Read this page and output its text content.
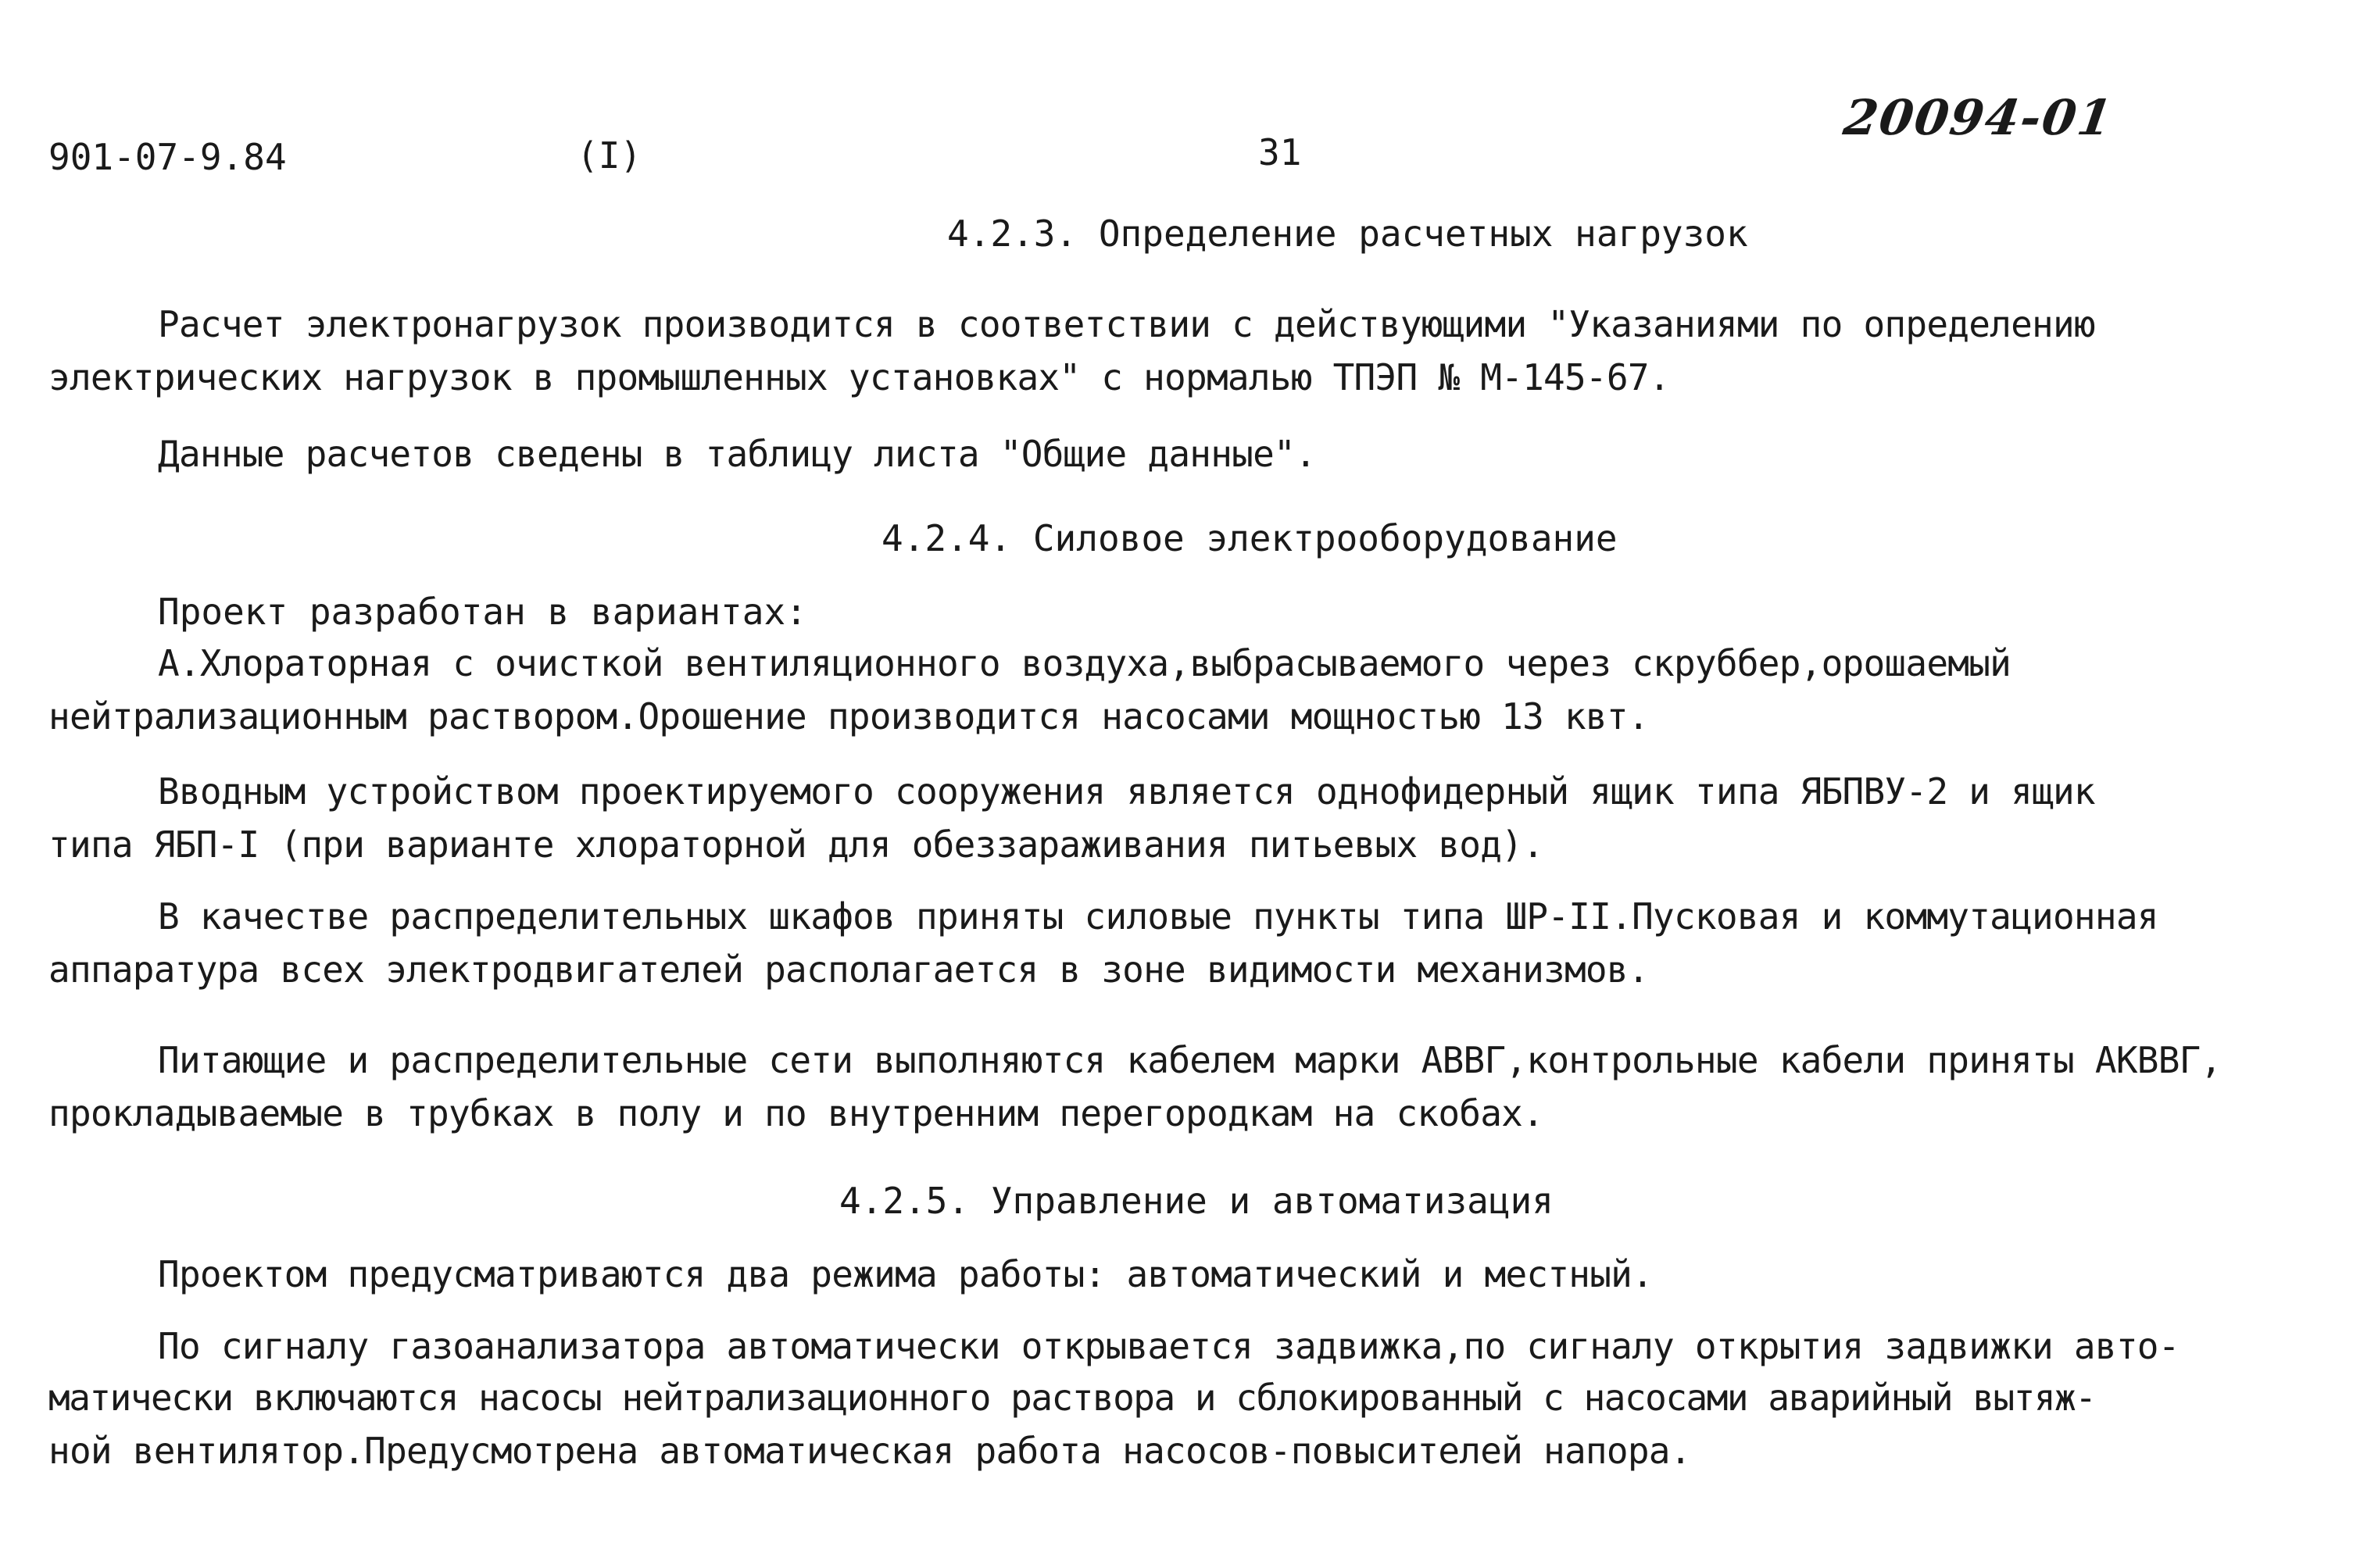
901-07-9.84	(I)	31
20094-01
4.2.3. Определение расчетных нагрузок
Расчет электронагрузок производится в соответствии с действующими "Указаниями по определению
электрических нагрузок в промышленных установках" с нормалью ТПЭП № М-145-67.
Данные расчетов сведены в таблицу листа "Общие данные".
4.2.4. Силовое электрооборудование
Проект разработан в вариантах:
А.Хлораторная с очисткой вентиляционного воздуха,выбрасываемого через скруббер,орошаемый
нейтрализационным раствором.Орошение производится насосами мощностью 13 квт.
Вводным устройством проектируемого сооружения является однофидерный ящик типа ЯБПВУ-2 и ящик
типа ЯБП-I (при варианте хлораторной для обеззараживания питьевых вод).
В качестве распределительных шкафов приняты силовые пункты типа ШР-II.Пусковая и коммутационная
аппаратура всех электродвигателей располагается в зоне видимости механизмов.
Питающие и распределительные сети выполняются кабелем марки АВВГ,контрольные кабели приняты АКВВГ,
прокладываемые в трубках в полу и по внутренним перегородкам на скобах.
4.2.5. Управление и автоматизация
Проектом предусматриваются два режима работы: автоматический и местный.
По сигналу газоанализатора автоматически открывается задвижка,по сигналу открытия задвижки авто-
матически включаются насосы нейтрализационного раствора и сблокированный с насосами аварийный вытяж-
ной вентилятор.Предусмотрена автоматическая работа насосов-повысителей напора.
